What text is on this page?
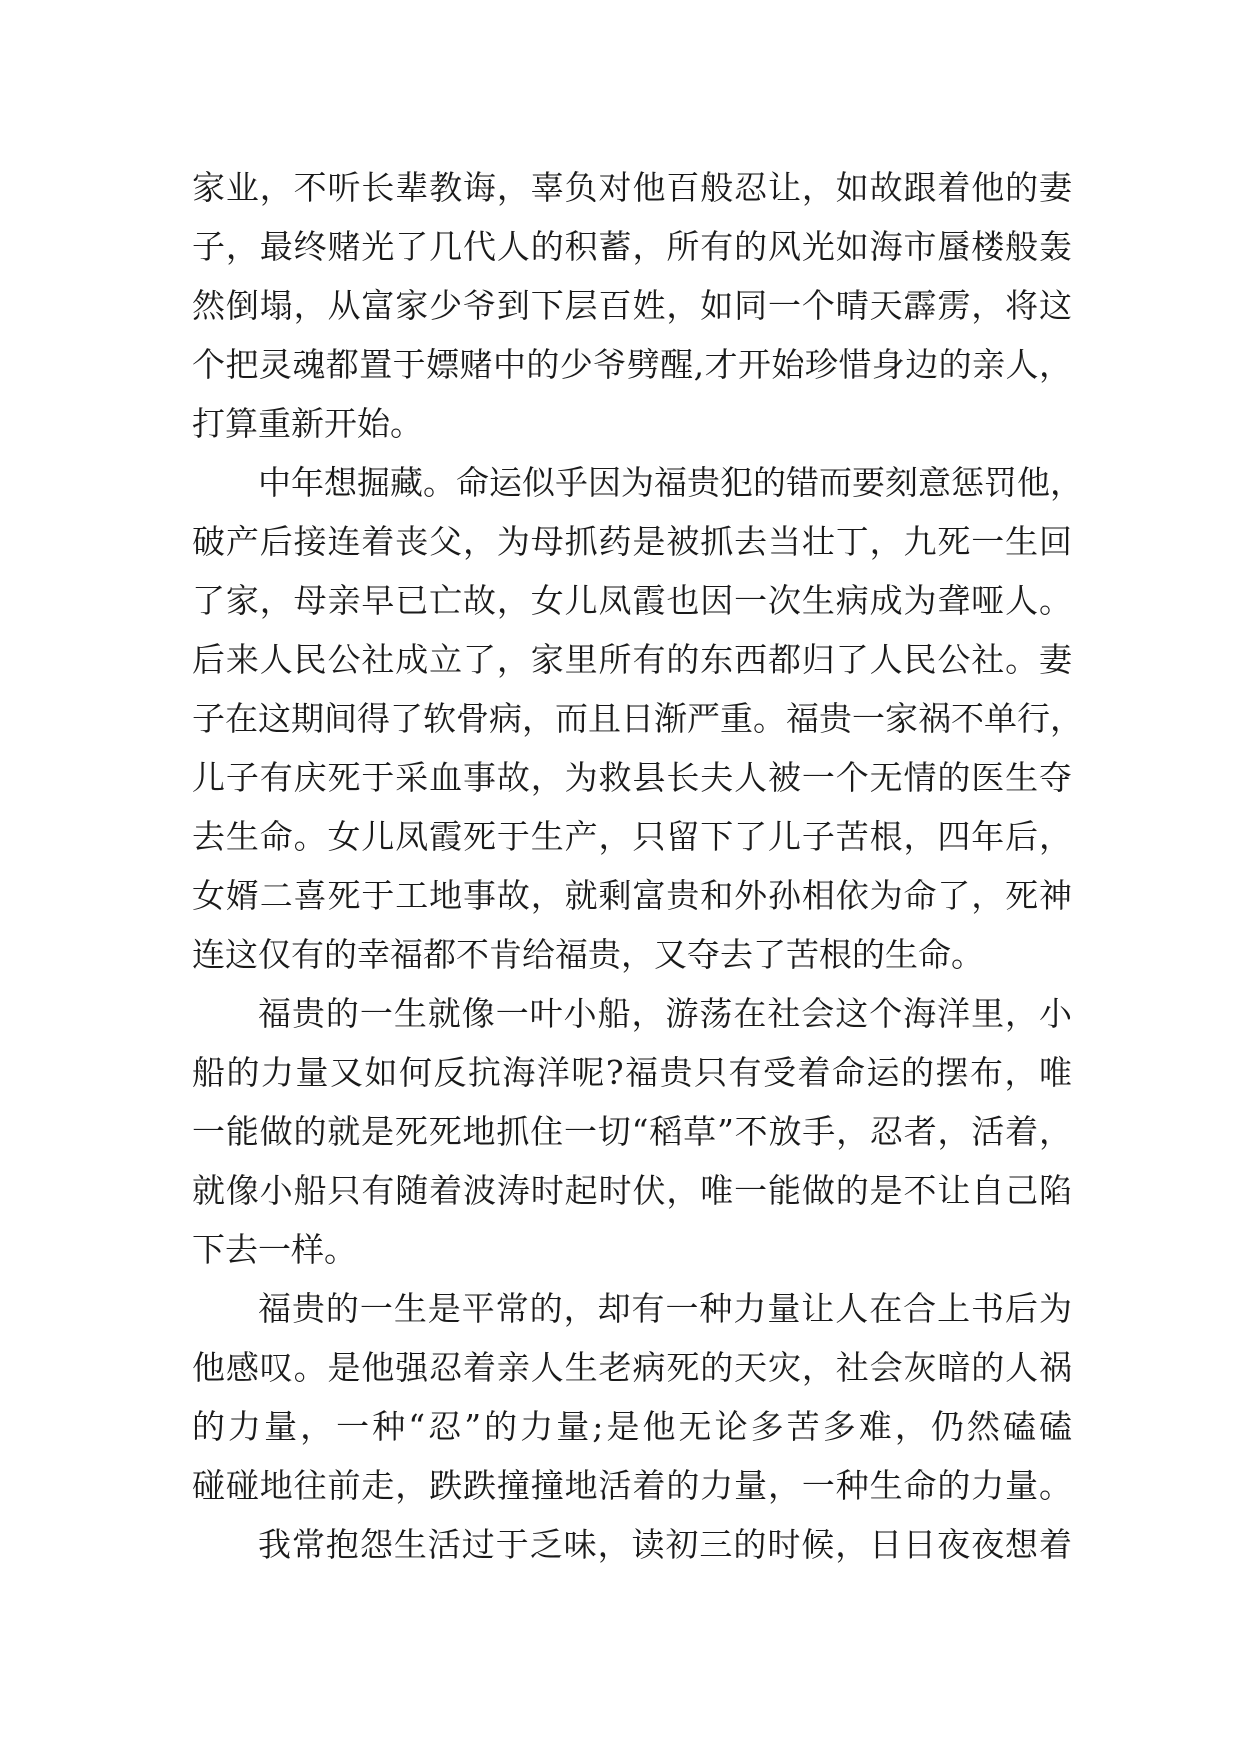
家业，不听长辈教诲，辜负对他百般忍让，如故跟着他的妻
子，最终赌光了几代人的积蓄，所有的风光如海市蜃楼般轰
然倒塌，从富家少爷到下层百姓，如同一个晴天霹雳，将这
个把灵魂都置于嫖赌中的少爷劈醒,才开始珍惜身边的亲人，
打算重新开始。
中年想掘藏。命运似乎因为福贵犯的错而要刻意惩罚他，
破产后接连着丧父，为母抓药是被抓去当壮丁，九死一生回
了家，母亲早已亡故，女儿凤霞也因一次生病成为聋哑人。
后来人民公社成立了，家里所有的东西都归了人民公社。妻
子在这期间得了软骨病，而且日渐严重。福贵一家祸不单行，
儿子有庆死于采血事故，为救县长夫人被一个无情的医生夺
去生命。女儿凤霞死于生产，只留下了儿子苦根，四年后，
女婿二喜死于工地事故，就剩富贵和外孙相依为命了，死神
连这仅有的幸福都不肯给福贵，又夺去了苦根的生命。
福贵的一生就像一叶小船，游荡在社会这个海洋里，小
船的力量又如何反抗海洋呢?福贵只有受着命运的摆布，唯
一能做的就是死死地抓住一切“稻草”不放手，忍者，活着，
就像小船只有随着波涛时起时伏，唯一能做的是不让自己陷
下去一样。
福贵的一生是平常的，却有一种力量让人在合上书后为
他感叹。是他强忍着亲人生老病死的天灾，社会灰暗的人祸
的力量，一种“忍”的力量;是他无论多苦多难，仍然磕磕
碰碰地往前走，跌跌撞撞地活着的力量，一种生命的力量。
我常抱怨生活过于乏味，读初三的时候，日日夜夜想着
